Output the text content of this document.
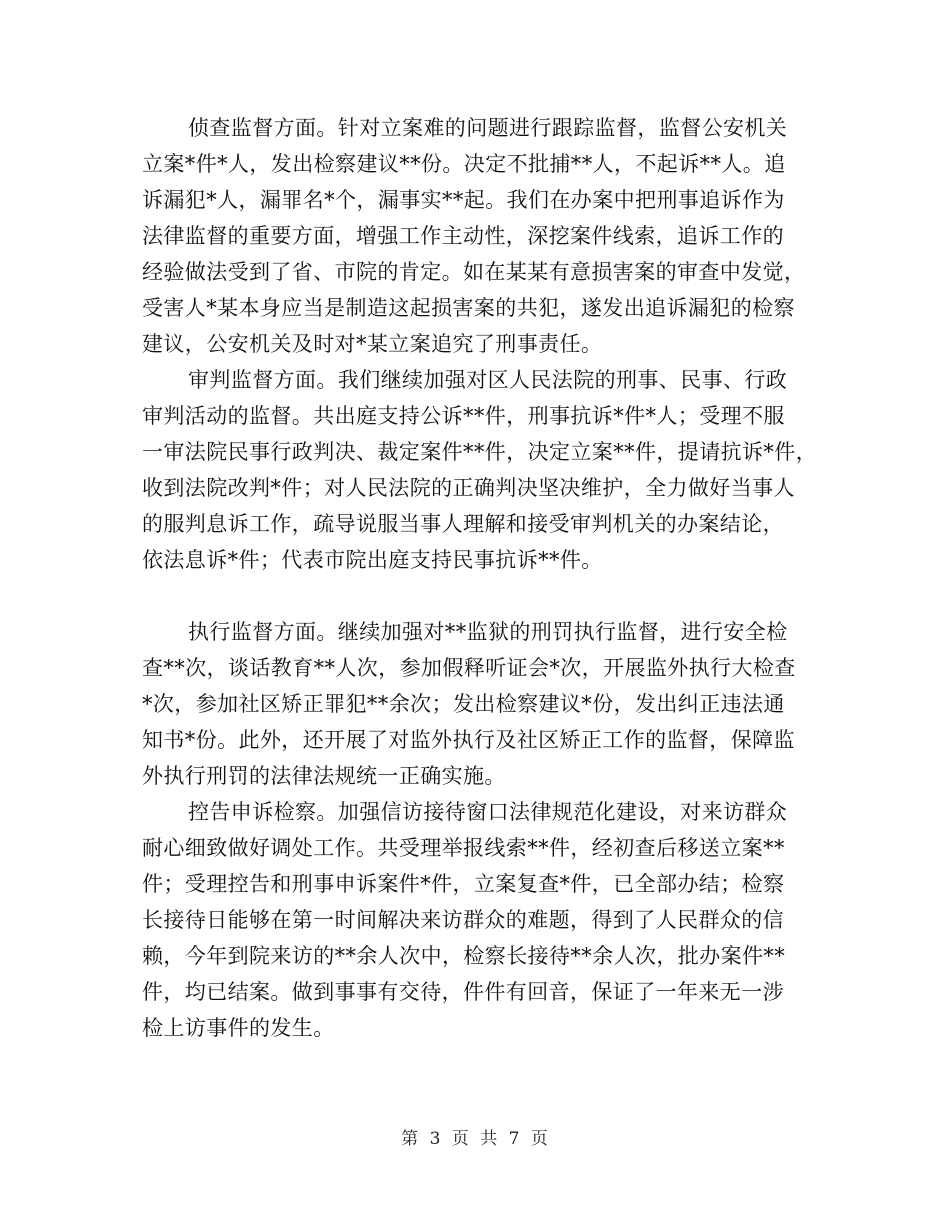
侦查监督方面。针对立案难的问题进行跟踪监督，监督公安机关
立案*件*人，发出检察建议**份。决定不批捕**人，不起诉**人。追
诉漏犯*人，漏罪名*个，漏事实**起。我们在办案中把刑事追诉作为
法律监督的重要方面，增强工作主动性，深挖案件线索，追诉工作的
经验做法受到了省、市院的肯定。如在某某有意损害案的审查中发觉，
受害人*某本身应当是制造这起损害案的共犯，遂发出追诉漏犯的检察
建议，公安机关及时对*某立案追究了刑事责任。
审判监督方面。我们继续加强对区人民法院的刑事、民事、行政
审判活动的监督。共出庭支持公诉**件，刑事抗诉*件*人；受理不服
一审法院民事行政判决、裁定案件**件，决定立案**件，提请抗诉*件，
收到法院改判*件；对人民法院的正确判决坚决维护，全力做好当事人
的服判息诉工作，疏导说服当事人理解和接受审判机关的办案结论，
依法息诉*件；代表市院出庭支持民事抗诉**件。
执行监督方面。继续加强对**监狱的刑罚执行监督，进行安全检
查**次，谈话教育**人次，参加假释听证会*次，开展监外执行大检查
*次，参加社区矫正罪犯**余次；发出检察建议*份，发出纠正违法通
知书*份。此外，还开展了对监外执行及社区矫正工作的监督，保障监
外执行刑罚的法律法规统一正确实施。
控告申诉检察。加强信访接待窗口法律规范化建设，对来访群众
耐心细致做好调处工作。共受理举报线索**件，经初查后移送立案**
件；受理控告和刑事申诉案件*件，立案复查*件，已全部办结；检察
长接待日能够在第一时间解决来访群众的难题，得到了人民群众的信
赖，今年到院来访的**余人次中，检察长接待**余人次，批办案件**
件，均已结案。做到事事有交待，件件有回音，保证了一年来无一涉
检上访事件的发生。
第 3 页 共 7 页
